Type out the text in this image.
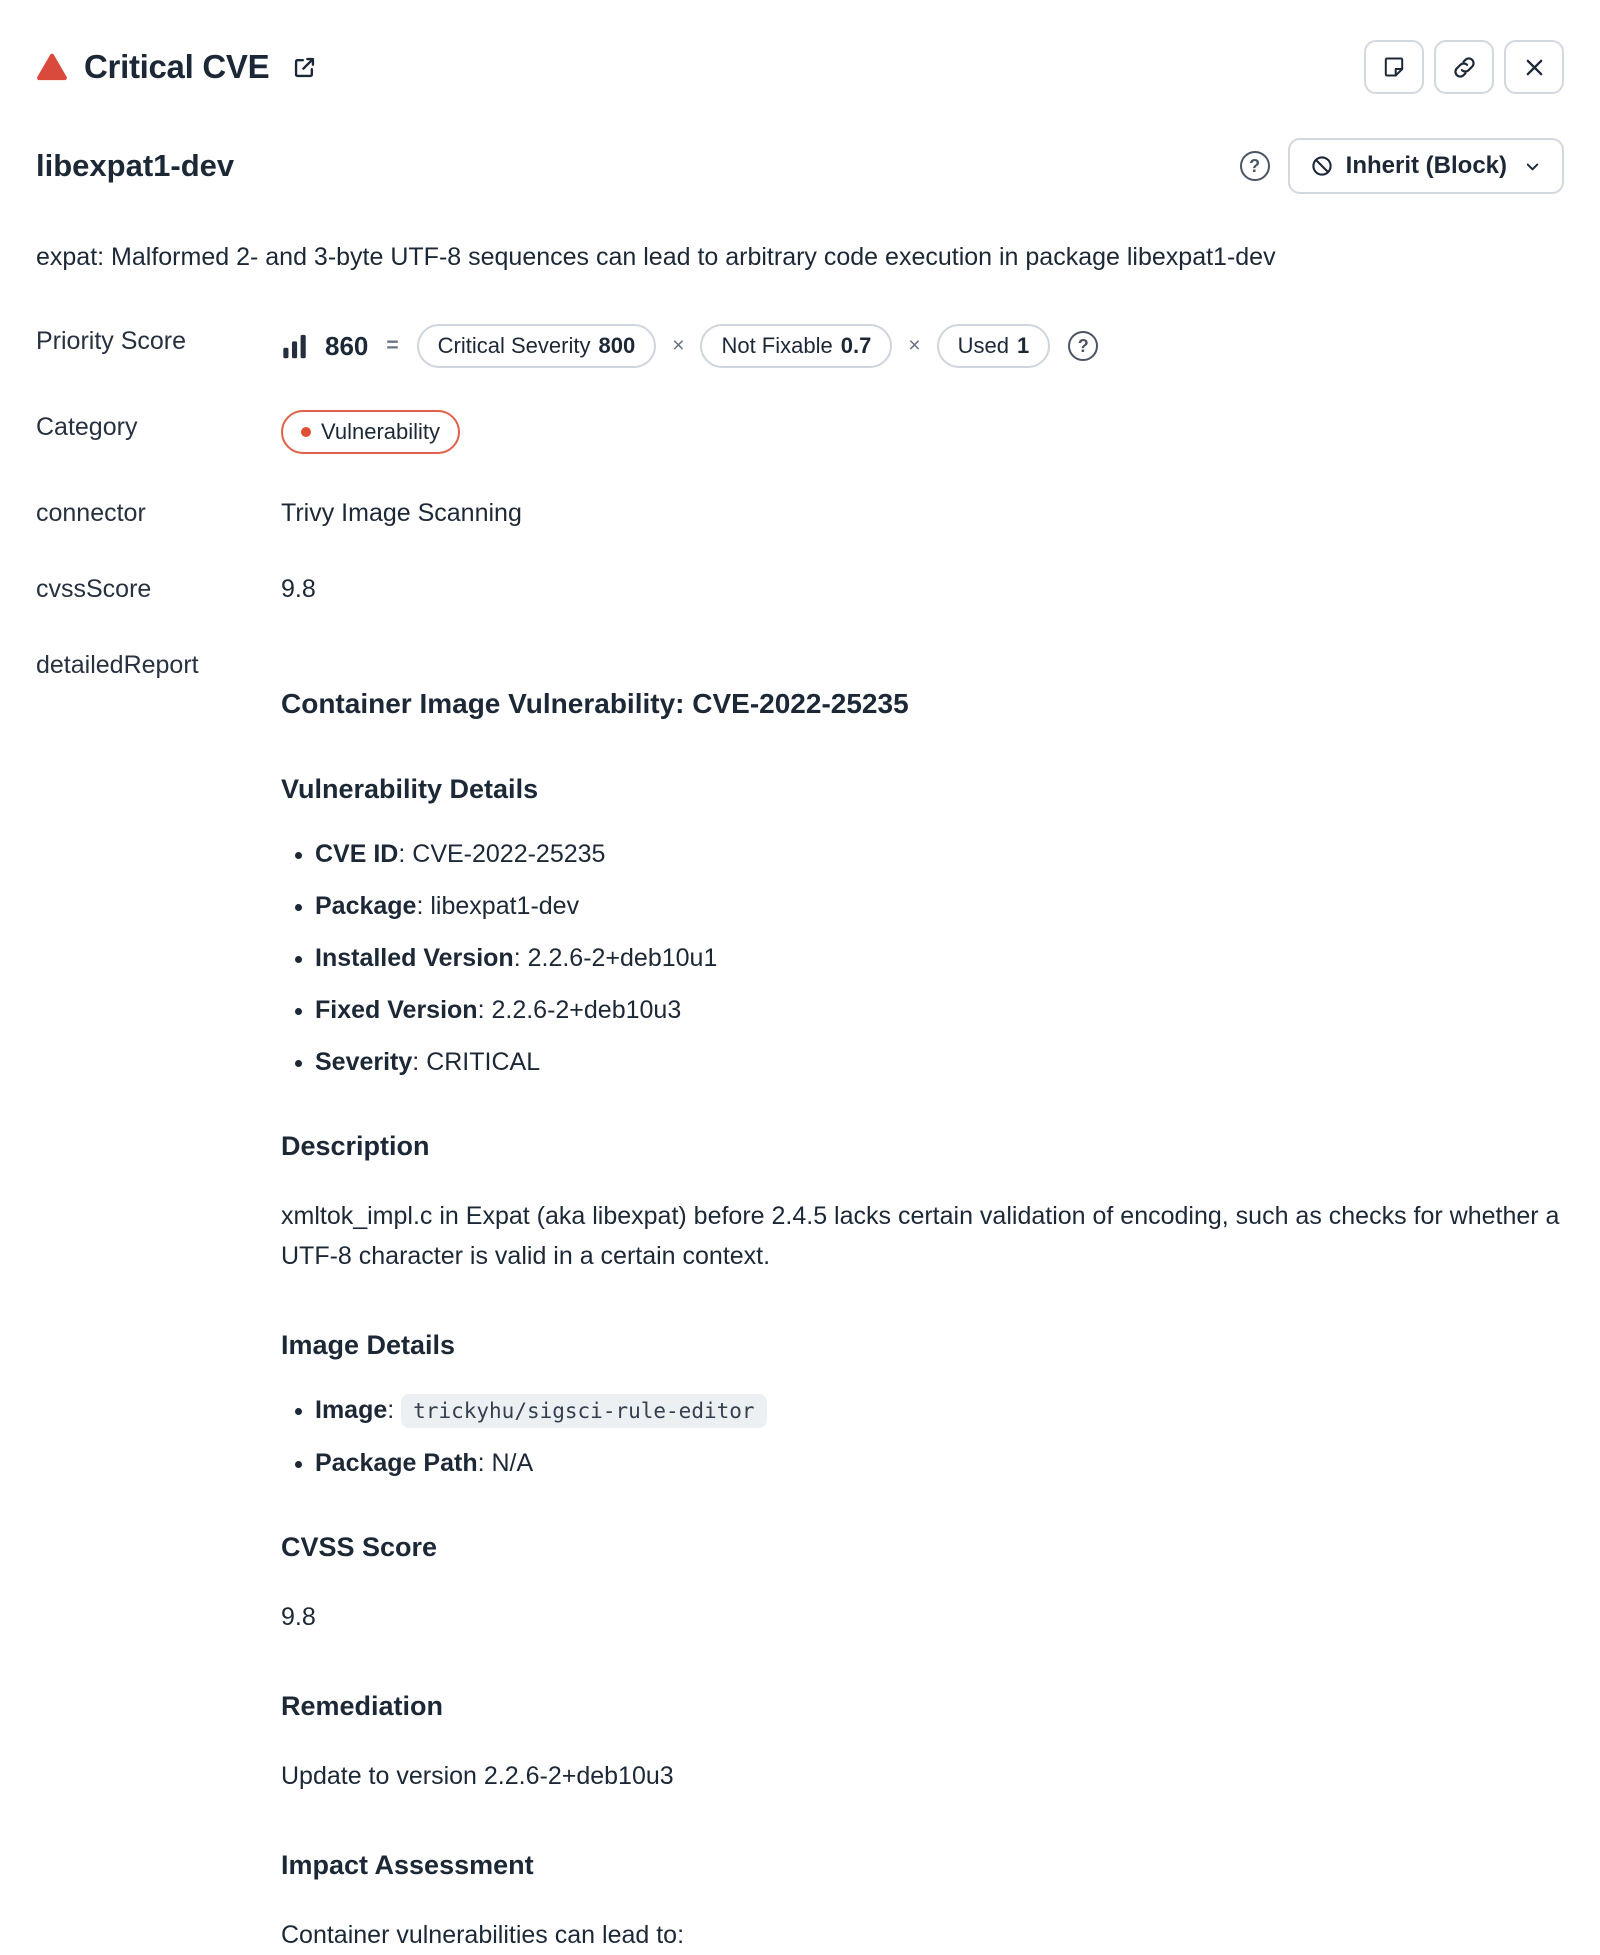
Critical CVE
libexpat1-dev	?	Inherit (Block)
expat: Malformed 2- and 3-byte UTF-8 sequences can lead to arbitrary code execution in package libexpat1-dev
Priority Score	860 = Critical Severity 800 × Not Fixable 0.7 × Used 1	?
Category	Vulnerability
connector	Trivy Image Scanning
cvssScore	9.8
detailedReport
Container Image Vulnerability: CVE-2022-25235
Vulnerability Details
• CVE ID: CVE-2022-25235
• Package: libexpat1-dev
• Installed Version: 2.2.6-2+deb10u1
• Fixed Version: 2.2.6-2+deb10u3
• Severity: CRITICAL
Description

xmltok_impl.c in Expat (aka libexpat) before 2.4.5 lacks certain validation of encoding, such as checks for whether a UTF-8 character is valid in a certain context.

Image Details
• Image: trickyhu/sigsci-rule-editor
• Package Path: N/A
CVSS Score

9.8

Remediation

Update to version 2.2.6-2+deb10u3

Impact Assessment

Container vulnerabilities can lead to:
